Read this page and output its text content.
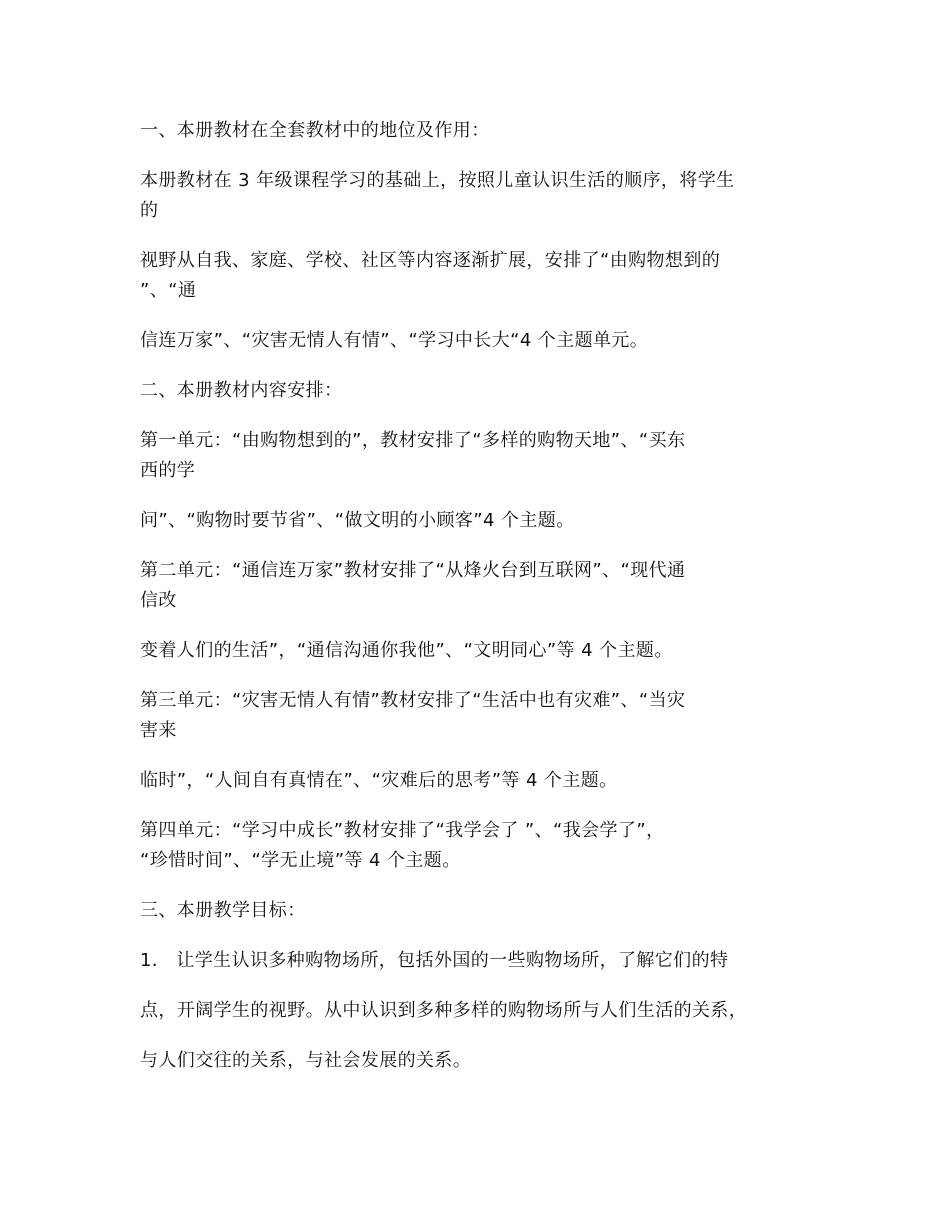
一、本册教材在全套教材中的地位及作用：

本册教材在 3 年级课程学习的基础上，按照儿童认识生活的顺序，将学生

的

视野从自我、家庭、学校、社区等内容逐渐扩展，安排了“由购物想到的

”、“通

信连万家”、“灾害无情人有情”、“学习中长大“4 个主题单元。

二、本册教材内容安排：

第一单元：“由购物想到的”，教材安排了“多样的购物天地”、“买东

西的学

问”、“购物时要节省”、“做文明的小顾客”4 个主题。

第二单元：“通信连万家”教材安排了“从烽火台到互联网”、“现代通

信改

变着人们的生活”，“通信沟通你我他”、“文明同心”等 4 个主题。

第三单元：“灾害无情人有情”教材安排了“生活中也有灾难”、“当灾

害来

临时”，“人间自有真情在”、“灾难后的思考”等 4 个主题。

第四单元：“学习中成长”教材安排了“我学会了 ”、“我会学了”，

“珍惜时间”、“学无止境”等 4 个主题。

三、本册教学目标：

1． 让学生认识多种购物场所，包括外国的一些购物场所，了解它们的特

点，开阔学生的视野。从中认识到多种多样的购物场所与人们生活的关系，

与人们交往的关系，与社会发展的关系。
